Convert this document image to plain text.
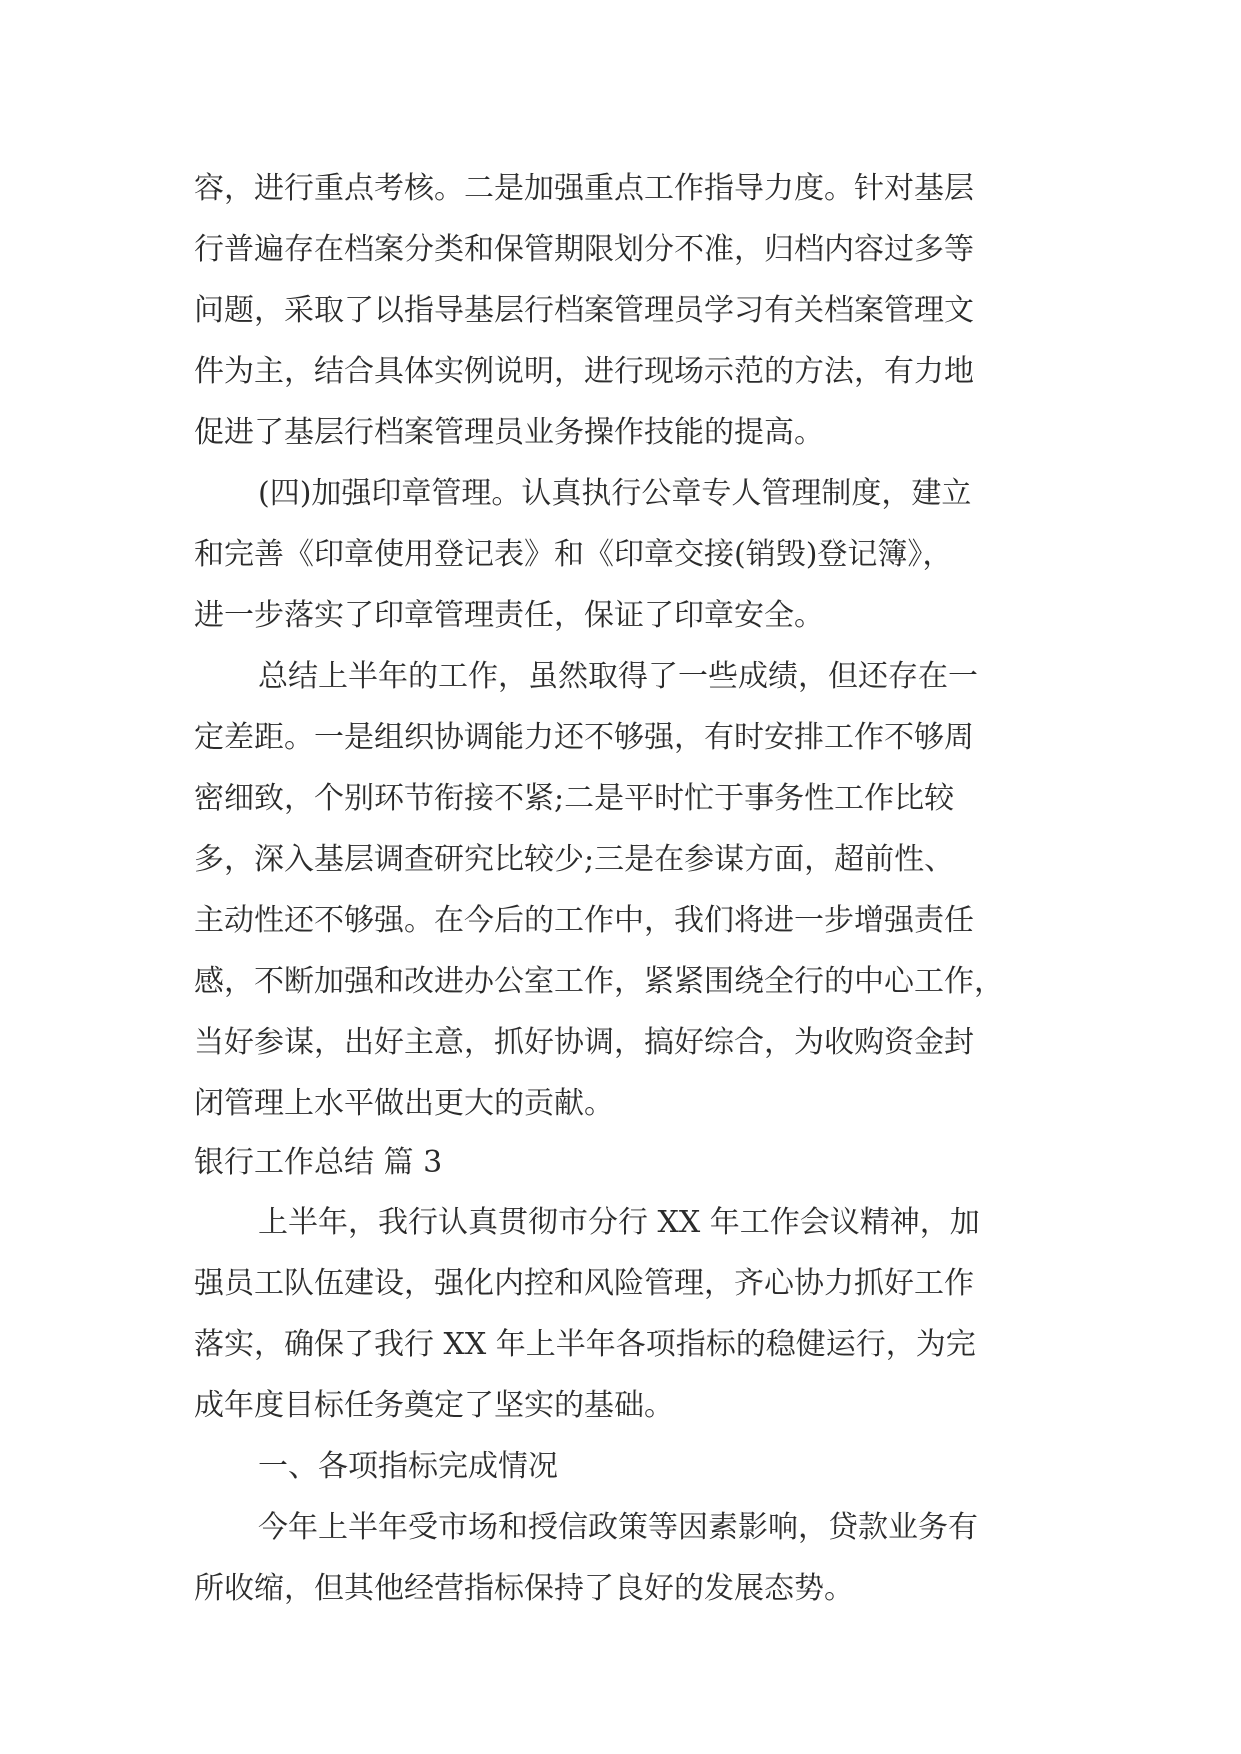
容，进行重点考核。二是加强重点工作指导力度。针对基层
行普遍存在档案分类和保管期限划分不准，归档内容过多等
问题，采取了以指导基层行档案管理员学习有关档案管理文
件为主，结合具体实例说明，进行现场示范的方法，有力地
促进了基层行档案管理员业务操作技能的提高。
(四)加强印章管理。认真执行公章专人管理制度，建立
和完善《印章使用登记表》和《印章交接(销毁)登记簿》，
进一步落实了印章管理责任，保证了印章安全。
总结上半年的工作，虽然取得了一些成绩，但还存在一
定差距。一是组织协调能力还不够强，有时安排工作不够周
密细致，个别环节衔接不紧;二是平时忙于事务性工作比较
多，深入基层调查研究比较少;三是在参谋方面，超前性、
主动性还不够强。在今后的工作中，我们将进一步增强责任
感，不断加强和改进办公室工作，紧紧围绕全行的中心工作，
当好参谋，出好主意，抓好协调，搞好综合，为收购资金封
闭管理上水平做出更大的贡献。
银行工作总结 篇 3
上半年，我行认真贯彻市分行 XX 年工作会议精神，加
强员工队伍建设，强化内控和风险管理，齐心协力抓好工作
落实，确保了我行 XX 年上半年各项指标的稳健运行，为完
成年度目标任务奠定了坚实的基础。
一、各项指标完成情况
今年上半年受市场和授信政策等因素影响，贷款业务有
所收缩，但其他经营指标保持了良好的发展态势。
